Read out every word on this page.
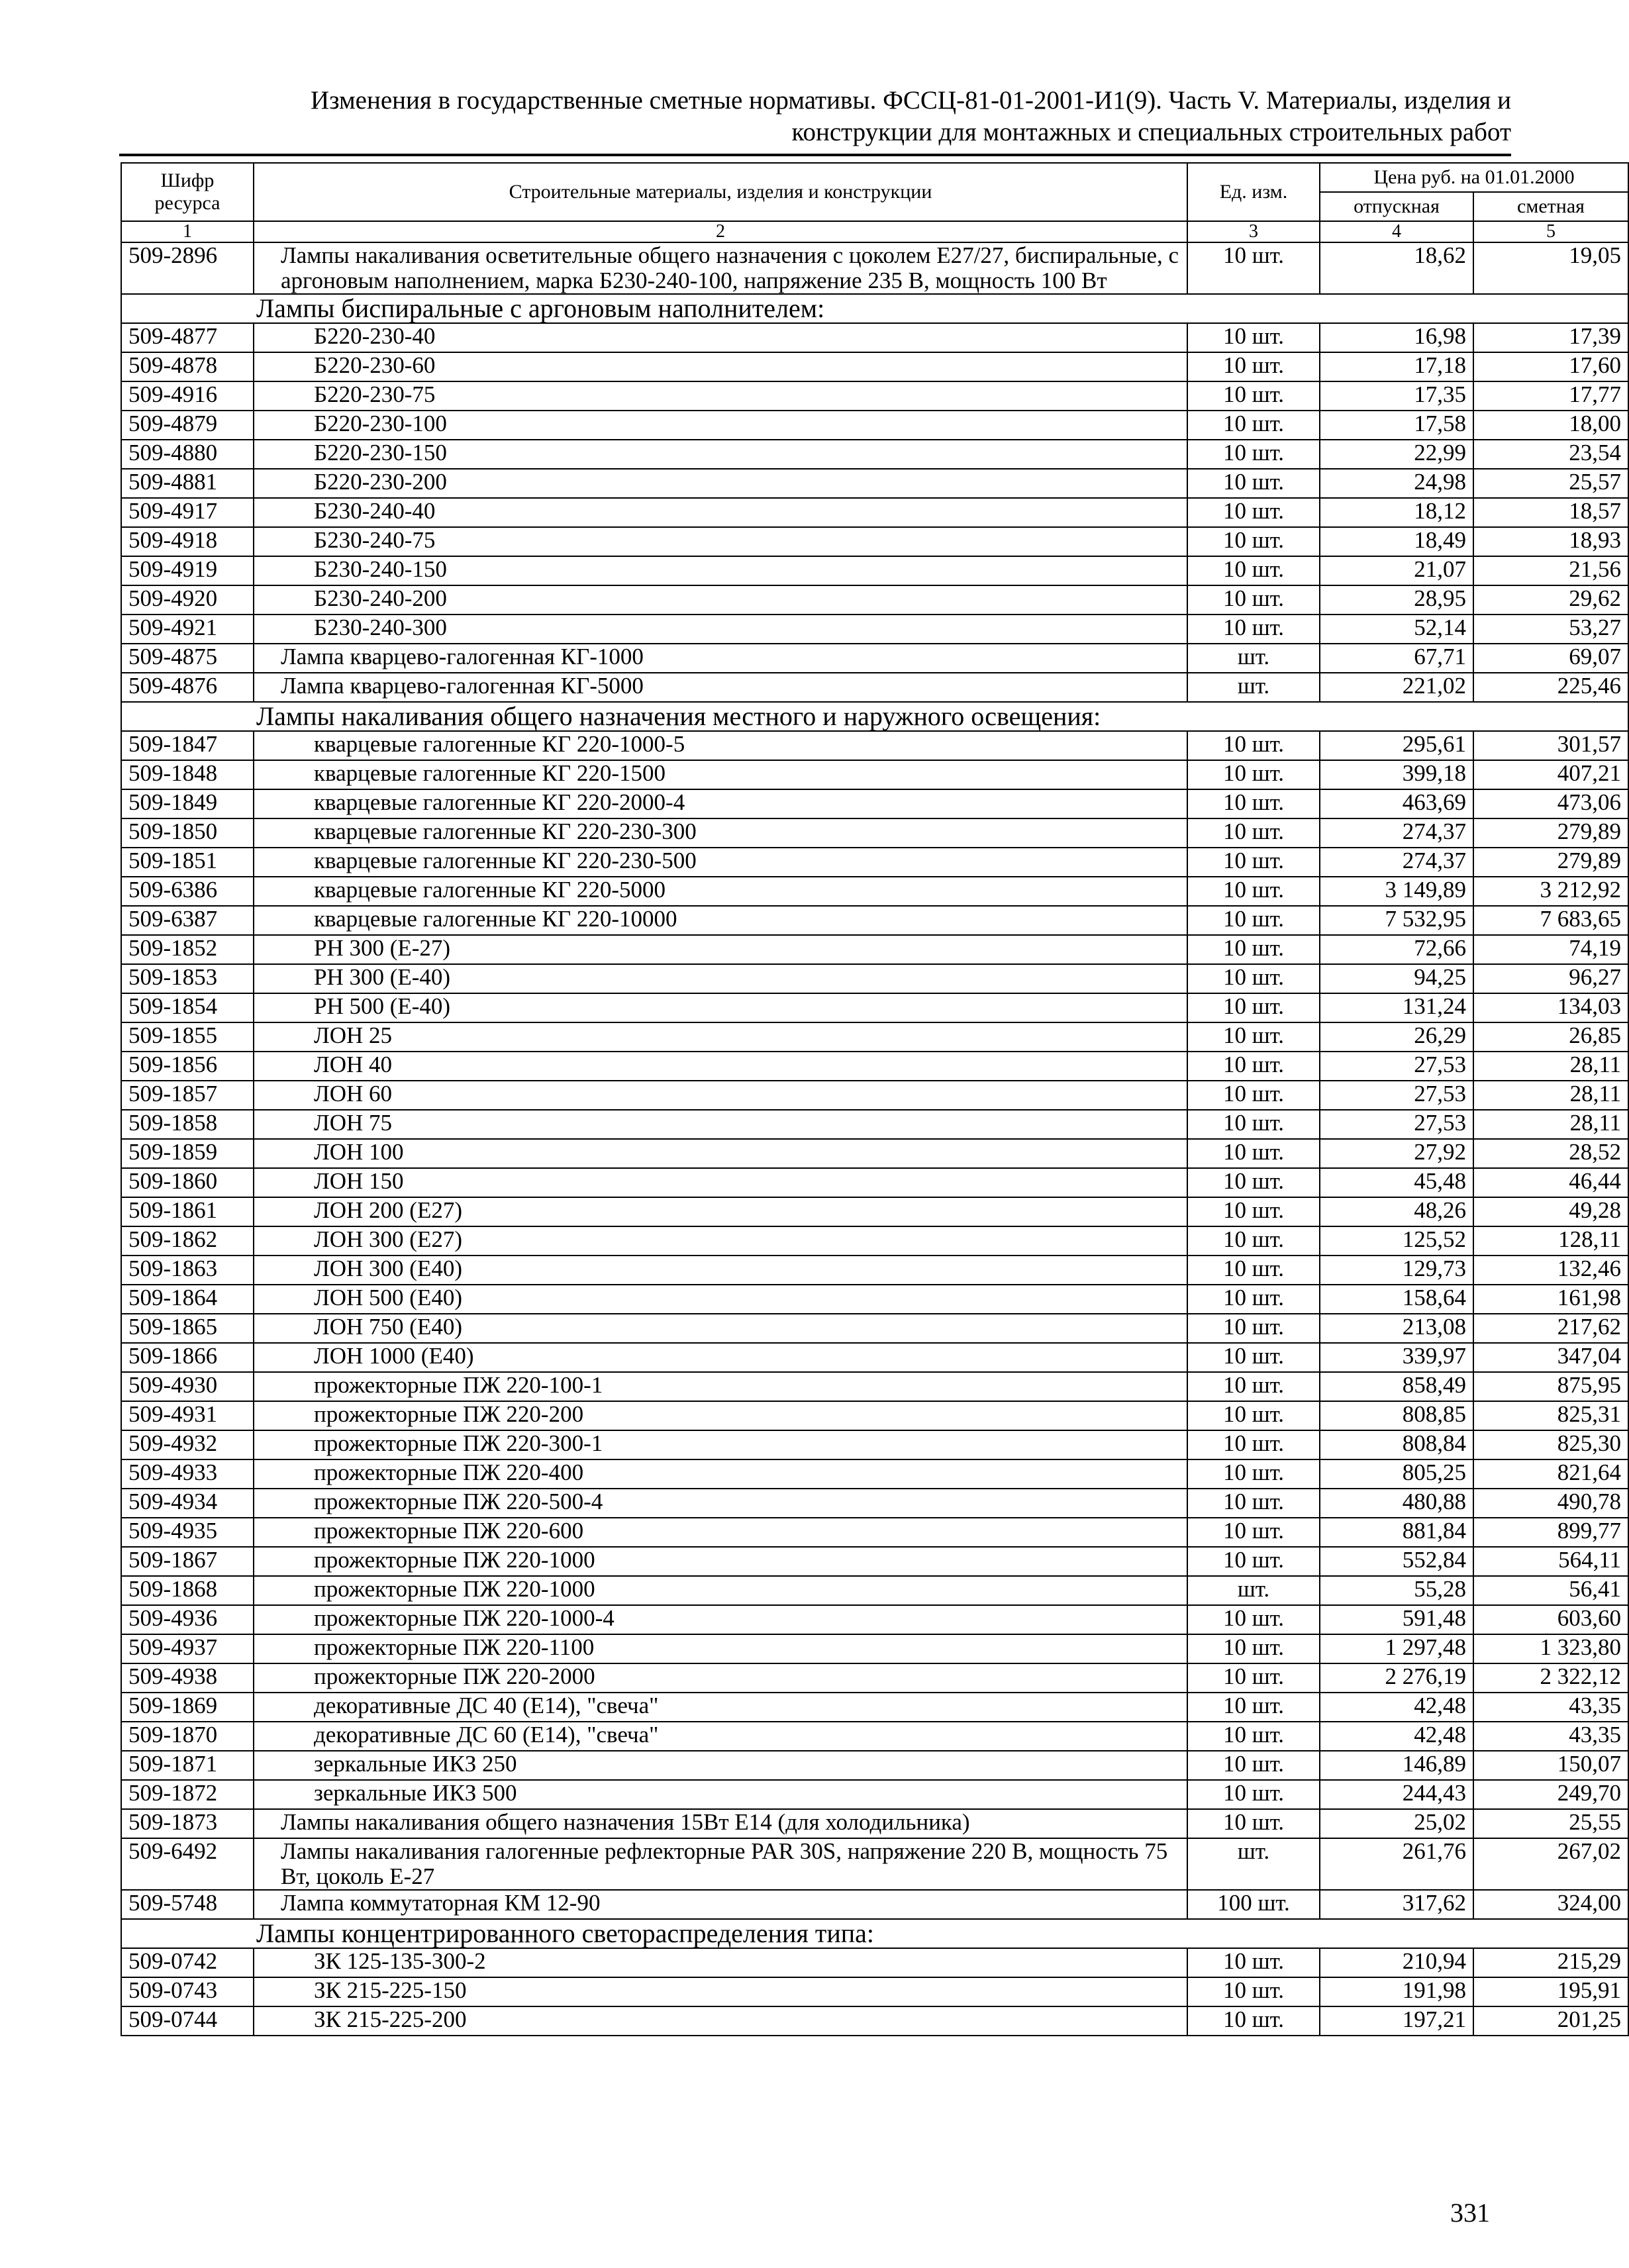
Изменения в государственные сметные нормативы. ФССЦ-81-01-2001-И1(9). Часть V. Материалы, изделия и
конструкции для монтажных и специальных строительных работ
Шифр ресурса	Строительные материалы, изделия и конструкции	Ед. изм.	Цена руб. на 01.01.2000	
			отпускная	сметная
1	2	3	4	5
509-2896	Лампы накаливания осветительные общего назначения с цоколем Е27/27, биспиральные, с аргоновым наполнением, марка Б230-240-100, напряжение 235 В, мощность 100 Вт	10 шт.	18,62	19,05
	Лампы биспиральные с аргоновым наполнителем:			
509-4877	Б220-230-40	10 шт.	16,98	17,39
509-4878	Б220-230-60	10 шт.	17,18	17,60
509-4916	Б220-230-75	10 шт.	17,35	17,77
509-4879	Б220-230-100	10 шт.	17,58	18,00
509-4880	Б220-230-150	10 шт.	22,99	23,54
509-4881	Б220-230-200	10 шт.	24,98	25,57
509-4917	Б230-240-40	10 шт.	18,12	18,57
509-4918	Б230-240-75	10 шт.	18,49	18,93
509-4919	Б230-240-150	10 шт.	21,07	21,56
509-4920	Б230-240-200	10 шт.	28,95	29,62
509-4921	Б230-240-300	10 шт.	52,14	53,27
509-4875	Лампа кварцево-галогенная КГ-1000	шт.	67,71	69,07
509-4876	Лампа кварцево-галогенная КГ-5000	шт.	221,02	225,46
	Лампы накаливания общего назначения местного и наружного освещения:			
509-1847	кварцевые галогенные КГ 220-1000-5	10 шт.	295,61	301,57
509-1848	кварцевые галогенные КГ 220-1500	10 шт.	399,18	407,21
509-1849	кварцевые галогенные КГ 220-2000-4	10 шт.	463,69	473,06
509-1850	кварцевые галогенные КГ 220-230-300	10 шт.	274,37	279,89
509-1851	кварцевые галогенные КГ 220-230-500	10 шт.	274,37	279,89
509-6386	кварцевые галогенные КГ 220-5000	10 шт.	3 149,89	3 212,92
509-6387	кварцевые галогенные КГ 220-10000	10 шт.	7 532,95	7 683,65
509-1852	РН 300 (Е-27)	10 шт.	72,66	74,19
509-1853	РН 300 (Е-40)	10 шт.	94,25	96,27
509-1854	РН 500 (Е-40)	10 шт.	131,24	134,03
509-1855	ЛОН 25	10 шт.	26,29	26,85
509-1856	ЛОН 40	10 шт.	27,53	28,11
509-1857	ЛОН 60	10 шт.	27,53	28,11
509-1858	ЛОН 75	10 шт.	27,53	28,11
509-1859	ЛОН 100	10 шт.	27,92	28,52
509-1860	ЛОН 150	10 шт.	45,48	46,44
509-1861	ЛОН 200 (Е27)	10 шт.	48,26	49,28
509-1862	ЛОН 300 (Е27)	10 шт.	125,52	128,11
509-1863	ЛОН 300 (Е40)	10 шт.	129,73	132,46
509-1864	ЛОН 500 (Е40)	10 шт.	158,64	161,98
509-1865	ЛОН 750 (Е40)	10 шт.	213,08	217,62
509-1866	ЛОН 1000 (Е40)	10 шт.	339,97	347,04
509-4930	прожекторные ПЖ 220-100-1	10 шт.	858,49	875,95
509-4931	прожекторные ПЖ 220-200	10 шт.	808,85	825,31
509-4932	прожекторные ПЖ 220-300-1	10 шт.	808,84	825,30
509-4933	прожекторные ПЖ 220-400	10 шт.	805,25	821,64
509-4934	прожекторные ПЖ 220-500-4	10 шт.	480,88	490,78
509-4935	прожекторные ПЖ 220-600	10 шт.	881,84	899,77
509-1867	прожекторные ПЖ 220-1000	10 шт.	552,84	564,11
509-1868	прожекторные ПЖ 220-1000	шт.	55,28	56,41
509-4936	прожекторные ПЖ 220-1000-4	10 шт.	591,48	603,60
509-4937	прожекторные ПЖ 220-1100	10 шт.	1 297,48	1 323,80
509-4938	прожекторные ПЖ 220-2000	10 шт.	2 276,19	2 322,12
509-1869	декоративные ДС 40 (Е14), "свеча"	10 шт.	42,48	43,35
509-1870	декоративные ДС 60 (Е14), "свеча"	10 шт.	42,48	43,35
509-1871	зеркальные ИКЗ 250	10 шт.	146,89	150,07
509-1872	зеркальные ИКЗ 500	10 шт.	244,43	249,70
509-1873	Лампы накаливания общего назначения 15Вт Е14 (для холодильника)	10 шт.	25,02	25,55
509-6492	Лампы накаливания галогенные рефлекторные PAR 30S, напряжение 220 В, мощность 75 Вт, цоколь Е-27	шт.	261,76	267,02
509-5748	Лампа коммутаторная КМ 12-90	100 шт.	317,62	324,00
	Лампы концентрированного светораспределения типа:			
509-0742	ЗК 125-135-300-2	10 шт.	210,94	215,29
509-0743	ЗК 215-225-150	10 шт.	191,98	195,91
509-0744	ЗК 215-225-200	10 шт.	197,21	201,25
331
